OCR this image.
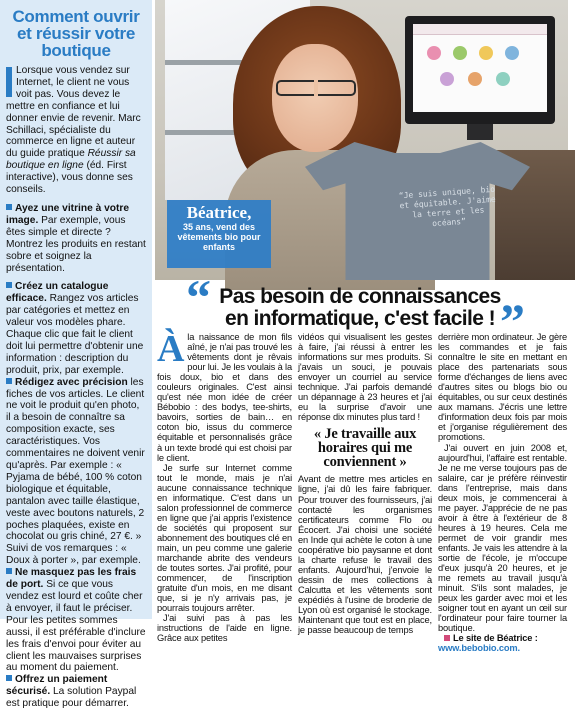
Comment ouvrir et réussir votre boutique

Lorsque vous vendez sur Internet, le client ne vous voit pas. Vous devez le mettre en confiance et lui donner envie de revenir. Marc Schillaci, spécialiste du commerce en ligne et auteur du guide pratique Réussir sa boutique en ligne (éd. First interactive), vous donne ses conseils.

Ayez une vitrine à votre image. Par exemple, vous êtes simple et directe ? Montrez les produits en restant sobre et soignez la présentation.

Créez un catalogue efficace. Rangez vos articles par catégories et mettez en valeur vos modèles phare. Chaque clic que fait le client doit lui permettre d'obtenir une information : description du produit, prix, par exemple.

Rédigez avec précision les fiches de vos articles. Le client ne voit le produit qu'en photo, il a besoin de connaître sa composition exacte, ses caractéristiques. Vos commentaires ne doivent venir qu'après. Par exemple : « Pyjama de bébé, 100 % coton biologique et équitable, pantalon avec taille élastique, veste avec boutons naturels, 2 poches plaquées, existe en chocolat ou gris chiné, 27 €. » Suivi de vos remarques : « Doux à porter », par exemple.

Ne masquez pas les frais de port. Si ce que vous vendez est lourd et coûte cher à envoyer, il faut le préciser. Pour les petites sommes aussi, il est préférable d'inclure les frais d'envoi pour éviter au client les mauvaises surprises au moment du paiement.

Offrez un paiement sécurisé. La solution Paypal est pratique pour démarrer.

“Je suis unique, bio et équitable. J'aime la terre et les océans”
Béatrice,
35 ans, vend des vêtements bio pour enfants
“ Pas besoin de connaissances en informatique, c'est facile ! ”

Àla naissance de mon fils aîné, je n'ai pas trouvé les vêtements dont je rêvais pour lui. Je les voulais à la fois doux, bio et dans des couleurs originales. C'est ainsi qu'est née mon idée de créer Bébobio : des bodys, tee-shirts, bavoirs, sorties de bain… en coton bio, issus du commerce équitable et personnalisés grâce à un texte brodé qui est choisi par le client.

Je surfe sur Internet comme tout le monde, mais je n'ai aucune connaissance technique en informatique. C'est dans un salon professionnel de commerce en ligne que j'ai appris l'existence de sociétés qui proposent sur abonnement des boutiques clé en main, un peu comme une galerie marchande abrite des vendeurs de toutes sortes. J'ai profité, pour commencer, de l'inscription gratuite d'un mois, en me disant que, si je n'y arrivais pas, je pourrais toujours arrêter.

J'ai suivi pas à pas les instructions de l'aide en ligne. Grâce aux petites

vidéos qui visualisent les gestes à faire, j'ai réussi à entrer les informations sur mes produits. Si j'avais un souci, je pouvais envoyer un courriel au service technique. J'ai parfois demandé un dépannage à 23 heures et j'ai eu la surprise d'avoir une réponse dix minutes plus tard !

« Je travaille aux horaires qui me conviennent »

Avant de mettre mes articles en ligne, j'ai dû les faire fabriquer. Pour trouver des fournisseurs, j'ai contacté les organismes certificateurs comme Flo ou Écocert. J'ai choisi une société en Inde qui achète le coton à une coopérative bio paysanne et dont la charte refuse le travail des enfants. Aujourd'hui, j'envoie le dessin de mes collections à Calcutta et les vêtements sont expédiés à l'usine de broderie de Lyon où est organisé le stockage. Maintenant que tout est en place, je passe beaucoup de temps

derrière mon ordinateur. Je gère les commandes et je fais connaître le site en mettant en place des partenariats sous forme d'échanges de liens avec d'autres sites ou blogs bio ou équitables, ou sur ceux destinés aux mamans. J'écris une lettre d'information deux fois par mois et j'organise régulièrement des promotions.

J'ai ouvert en juin 2008 et, aujourd'hui, l'affaire est rentable. Je ne me verse toujours pas de salaire, car je préfère réinvestir dans l'entreprise, mais dans deux mois, je commencerai à me payer. J'apprécie de ne pas avoir à être à l'extérieur de 8 heures à 19 heures. Cela me permet de voir grandir mes enfants. Je vais les attendre à la sortie de l'école, je m'occupe d'eux jusqu'à 20 heures, et je me remets au travail jusqu'à minuit. S'ils sont malades, je peux les garder avec moi et les soigner tout en ayant un œil sur l'ordinateur pour faire tourner la boutique.

Le site de Béatrice :
www.bebobio.com.
